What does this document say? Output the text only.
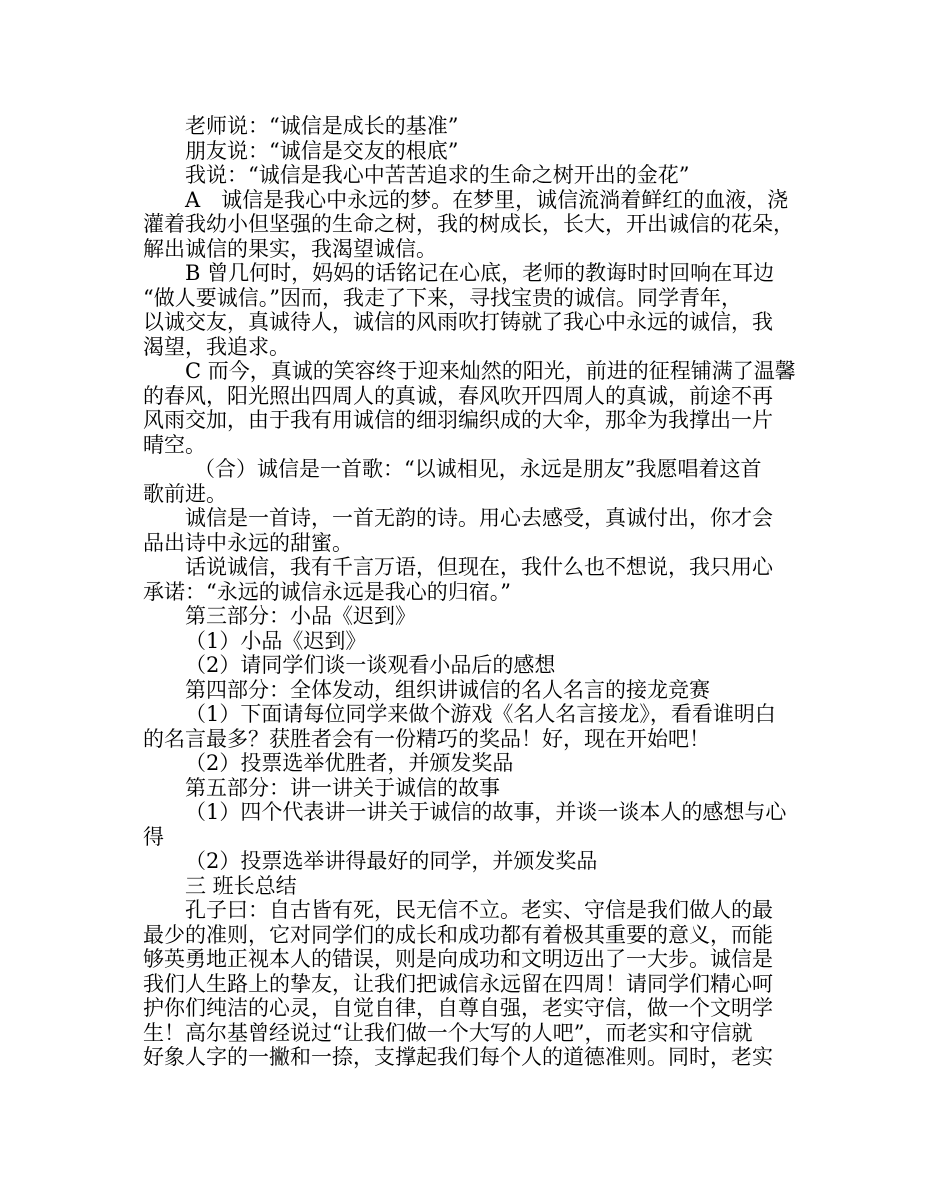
老师说：“诚信是成长的基准”
朋友说：“诚信是交友的根底”
我说：“诚信是我心中苦苦追求的生命之树开出的金花”
A　诚信是我心中永远的梦。在梦里，诚信流淌着鲜红的血液，浇
灌着我幼小但坚强的生命之树，我的树成长，长大，开出诚信的花朵，
解出诚信的果实，我渴望诚信。
B 曾几何时，妈妈的话铭记在心底，老师的教诲时时回响在耳边
“做人要诚信。”因而，我走了下来，寻找宝贵的诚信。同学青年，
以诚交友，真诚待人，诚信的风雨吹打铸就了我心中永远的诚信，我
渴望，我追求。
C 而今，真诚的笑容终于迎来灿然的阳光，前进的征程铺满了温馨
的春风，阳光照出四周人的真诚，春风吹开四周人的真诚，前途不再
风雨交加，由于我有用诚信的细羽编织成的大伞，那伞为我撑出一片
晴空。
（合）诚信是一首歌：“以诚相见，永远是朋友”我愿唱着这首
歌前进。
诚信是一首诗，一首无韵的诗。用心去感受，真诚付出，你才会
品出诗中永远的甜蜜。
话说诚信，我有千言万语，但现在，我什么也不想说，我只用心
承诺：“永远的诚信永远是我心的归宿。”
第三部分：小品《迟到》
（1）小品《迟到》
（2）请同学们谈一谈观看小品后的感想
第四部分：全体发动，组织讲诚信的名人名言的接龙竞赛
（1）下面请每位同学来做个游戏《名人名言接龙》，看看谁明白
的名言最多？获胜者会有一份精巧的奖品！好，现在开始吧！
（2）投票选举优胜者，并颁发奖品
第五部分：讲一讲关于诚信的故事
（1）四个代表讲一讲关于诚信的故事，并谈一谈本人的感想与心
得
（2）投票选举讲得最好的同学，并颁发奖品
三 班长总结
孔子曰：自古皆有死，民无信不立。老实、守信是我们做人的最
最少的准则，它对同学们的成长和成功都有着极其重要的意义，而能
够英勇地正视本人的错误，则是向成功和文明迈出了一大步。诚信是
我们人生路上的挚友，让我们把诚信永远留在四周！请同学们精心呵
护你们纯洁的心灵，自觉自律，自尊自强，老实守信，做一个文明学
生！高尔基曾经说过“让我们做一个大写的人吧”，而老实和守信就
好象人字的一撇和一捺，支撑起我们每个人的道德准则。同时，老实
